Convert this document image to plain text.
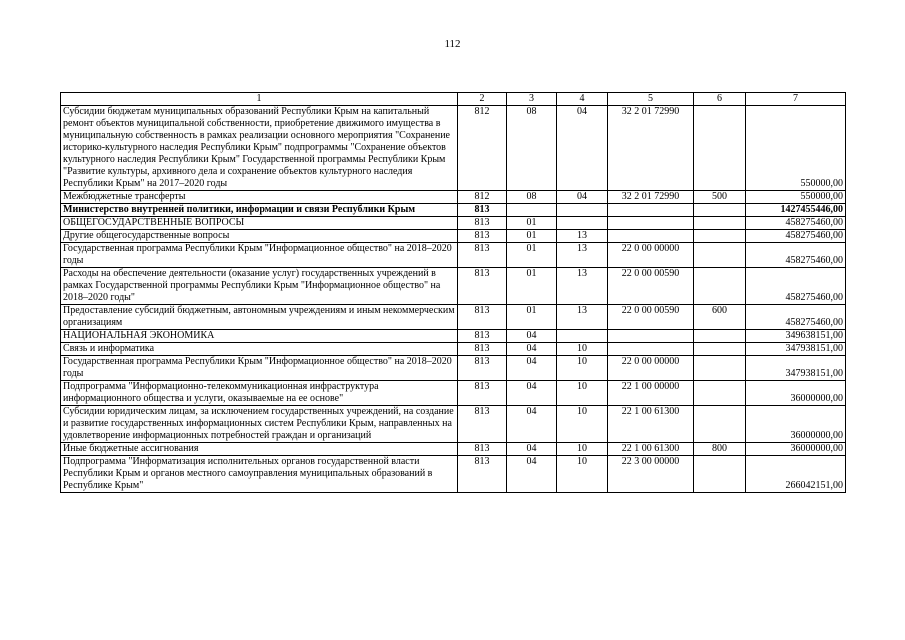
112
1	2	3	4	5	6	7
Субсидии бюджетам муниципальных образований Республики Крым на капитальный ремонт объектов муниципальной собственности, приобретение движимого имущества в муниципальную собственность в рамках реализации основного мероприятия "Сохранение историко-культурного наследия Республики Крым" подпрограммы "Сохранение объектов культурного наследия Республики Крым" Государственной программы Республики Крым "Развитие культуры, архивного дела и сохранение объектов культурного наследия Республики Крым" на 2017–2020 годы	812	08	04	32 2 01 72990		550000,00
Межбюджетные трансферты	812	08	04	32 2 01 72990	500	550000,00
Министерство внутренней политики, информации и связи Республики Крым	813					1427455446,00
ОБЩЕГОСУДАРСТВЕННЫЕ ВОПРОСЫ	813	01				458275460,00
Другие общегосударственные вопросы	813	01	13			458275460,00
Государственная программа Республики Крым "Информационное общество" на 2018–2020 годы	813	01	13	22 0 00 00000		458275460,00
Расходы на обеспечение деятельности (оказание услуг) государственных учреждений в рамках Государственной программы Республики Крым "Информационное общество" на 2018–2020 годы"	813	01	13	22 0 00 00590		458275460,00
Предоставление субсидий бюджетным, автономным учреждениям и иным некоммерческим организациям	813	01	13	22 0 00 00590	600	458275460,00
НАЦИОНАЛЬНАЯ ЭКОНОМИКА	813	04				349638151,00
Связь и информатика	813	04	10			347938151,00
Государственная программа Республики Крым "Информационное общество" на 2018–2020 годы	813	04	10	22 0 00 00000		347938151,00
Подпрограмма "Информационно-телекоммуникационная инфраструктура информационного общества и услуги, оказываемые на ее основе"	813	04	10	22 1 00 00000		36000000,00
Субсидии юридическим лицам, за исключением государственных учреждений, на создание и развитие государственных информационных систем Республики Крым, направленных на удовлетворение информационных потребностей граждан и организаций	813	04	10	22 1 00 61300		36000000,00
Иные бюджетные ассигнования	813	04	10	22 1 00 61300	800	36000000,00
Подпрограмма "Информатизация исполнительных органов государственной власти Республики Крым и органов местного самоуправления муниципальных образований в Республике Крым"	813	04	10	22 3 00 00000		266042151,00
